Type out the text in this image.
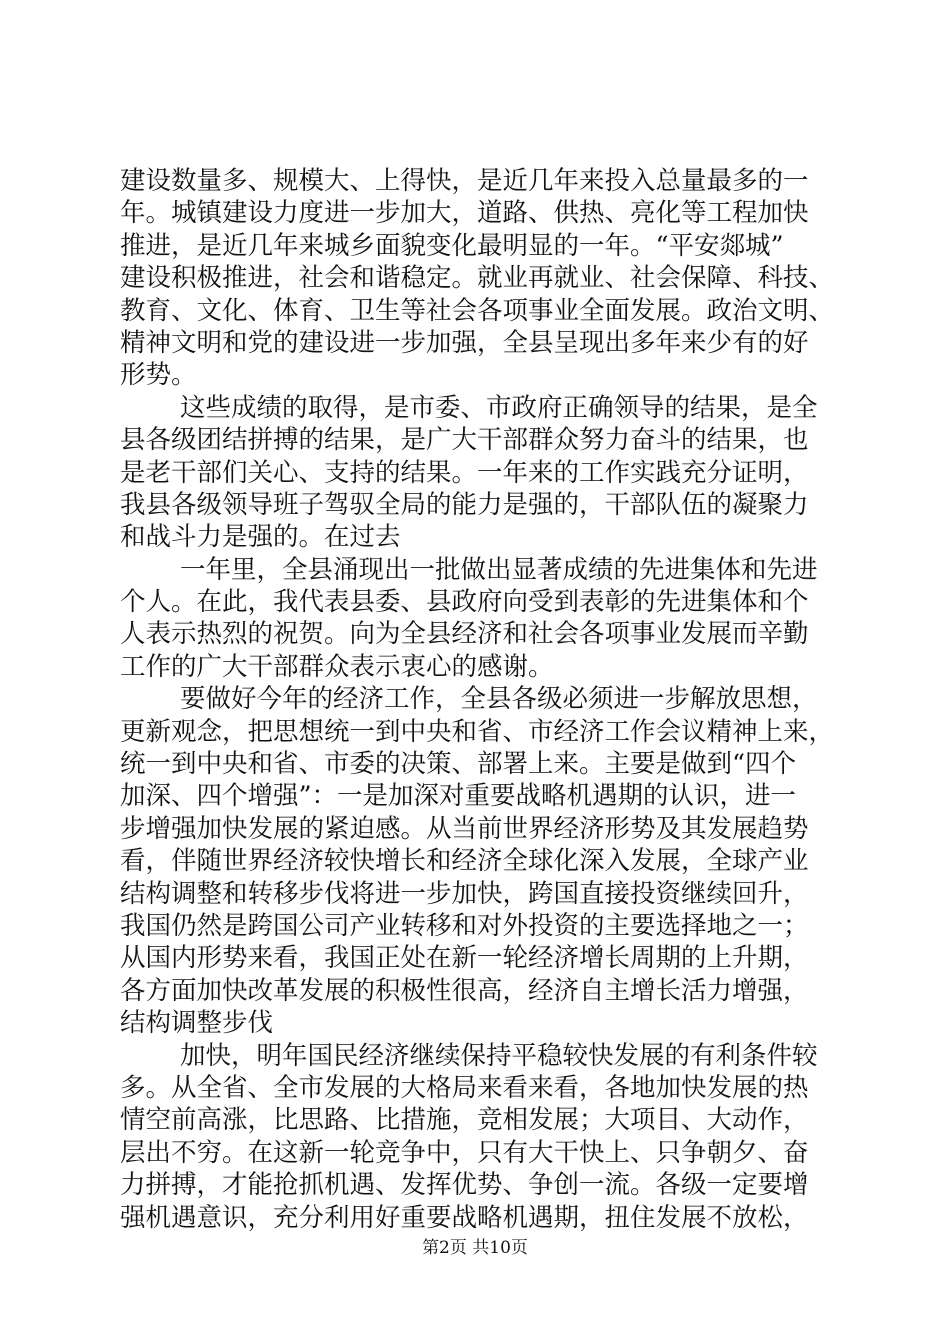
建设数量多、规模大、上得快，是近几年来投入总量最多的一
年。城镇建设力度进一步加大，道路、供热、亮化等工程加快
推进，是近几年来城乡面貌变化最明显的一年。“平安郯城”
建设积极推进，社会和谐稳定。就业再就业、社会保障、科技、
教育、文化、体育、卫生等社会各项事业全面发展。政治文明、
精神文明和党的建设进一步加强，全县呈现出多年来少有的好
形势。
这些成绩的取得，是市委、市政府正确领导的结果，是全
县各级团结拼搏的结果，是广大干部群众努力奋斗的结果，也
是老干部们关心、支持的结果。一年来的工作实践充分证明，
我县各级领导班子驾驭全局的能力是强的，干部队伍的凝聚力
和战斗力是强的。在过去
一年里，全县涌现出一批做出显著成绩的先进集体和先进
个人。在此，我代表县委、县政府向受到表彰的先进集体和个
人表示热烈的祝贺。向为全县经济和社会各项事业发展而辛勤
工作的广大干部群众表示衷心的感谢。
要做好今年的经济工作，全县各级必须进一步解放思想，
更新观念，把思想统一到中央和省、市经济工作会议精神上来，
统一到中央和省、市委的决策、部署上来。主要是做到“四个
加深、四个增强”：一是加深对重要战略机遇期的认识，进一
步增强加快发展的紧迫感。从当前世界经济形势及其发展趋势
看，伴随世界经济较快增长和经济全球化深入发展，全球产业
结构调整和转移步伐将进一步加快，跨国直接投资继续回升，
我国仍然是跨国公司产业转移和对外投资的主要选择地之一；
从国内形势来看，我国正处在新一轮经济增长周期的上升期，
各方面加快改革发展的积极性很高，经济自主增长活力增强，
结构调整步伐
加快，明年国民经济继续保持平稳较快发展的有利条件较
多。从全省、全市发展的大格局来看来看，各地加快发展的热
情空前高涨，比思路、比措施，竞相发展；大项目、大动作，
层出不穷。在这新一轮竞争中，只有大干快上、只争朝夕、奋
力拼搏，才能抢抓机遇、发挥优势、争创一流。各级一定要增
强机遇意识，充分利用好重要战略机遇期，扭住发展不放松，
第2页 共10页
